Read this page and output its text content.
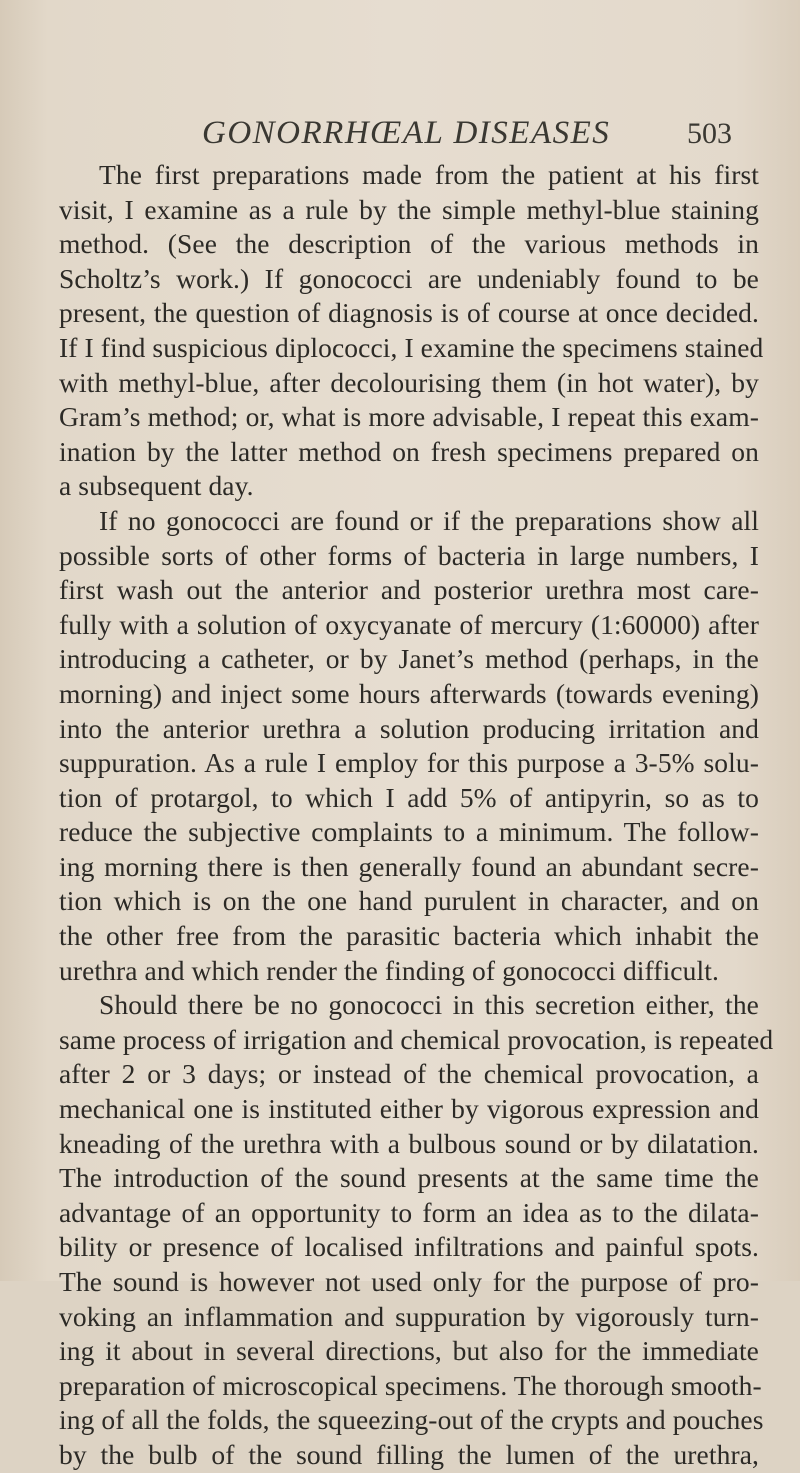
GONORRHŒAL DISEASES	503
The first preparations made from the patient at his first
visit, I examine as a rule by the simple methyl-blue staining
method. (See the description of the various methods in
Scholtz’s work.) If gonococci are undeniably found to be
present, the question of diagnosis is of course at once decided.
If I find suspicious diplococci, I examine the specimens stained
with methyl-blue, after decolourising them (in hot water), by
Gram’s method; or, what is more advisable, I repeat this exam-
ination by the latter method on fresh specimens prepared on
a subsequent day.
If no gonococci are found or if the preparations show all
possible sorts of other forms of bacteria in large numbers, I
first wash out the anterior and posterior urethra most care-
fully with a solution of oxycyanate of mercury (1:60000) after
introducing a catheter, or by Janet’s method (perhaps, in the
morning) and inject some hours afterwards (towards evening)
into the anterior urethra a solution producing irritation and
suppuration. As a rule I employ for this purpose a 3-5% solu-
tion of protargol, to which I add 5% of antipyrin, so as to
reduce the subjective complaints to a minimum. The follow-
ing morning there is then generally found an abundant secre-
tion which is on the one hand purulent in character, and on
the other free from the parasitic bacteria which inhabit the
urethra and which render the finding of gonococci difficult.
Should there be no gonococci in this secretion either, the
same process of irrigation and chemical provocation, is repeated
after 2 or 3 days; or instead of the chemical provocation, a
mechanical one is instituted either by vigorous expression and
kneading of the urethra with a bulbous sound or by dilatation.
The introduction of the sound presents at the same time the
advantage of an opportunity to form an idea as to the dilata-
bility or presence of localised infiltrations and painful spots.
The sound is however not used only for the purpose of pro-
voking an inflammation and suppuration by vigorously turn-
ing it about in several directions, but also for the immediate
preparation of microscopical specimens. The thorough smooth-
ing of all the folds, the squeezing-out of the crypts and pouches
by the bulb of the sound filling the lumen of the urethra,
